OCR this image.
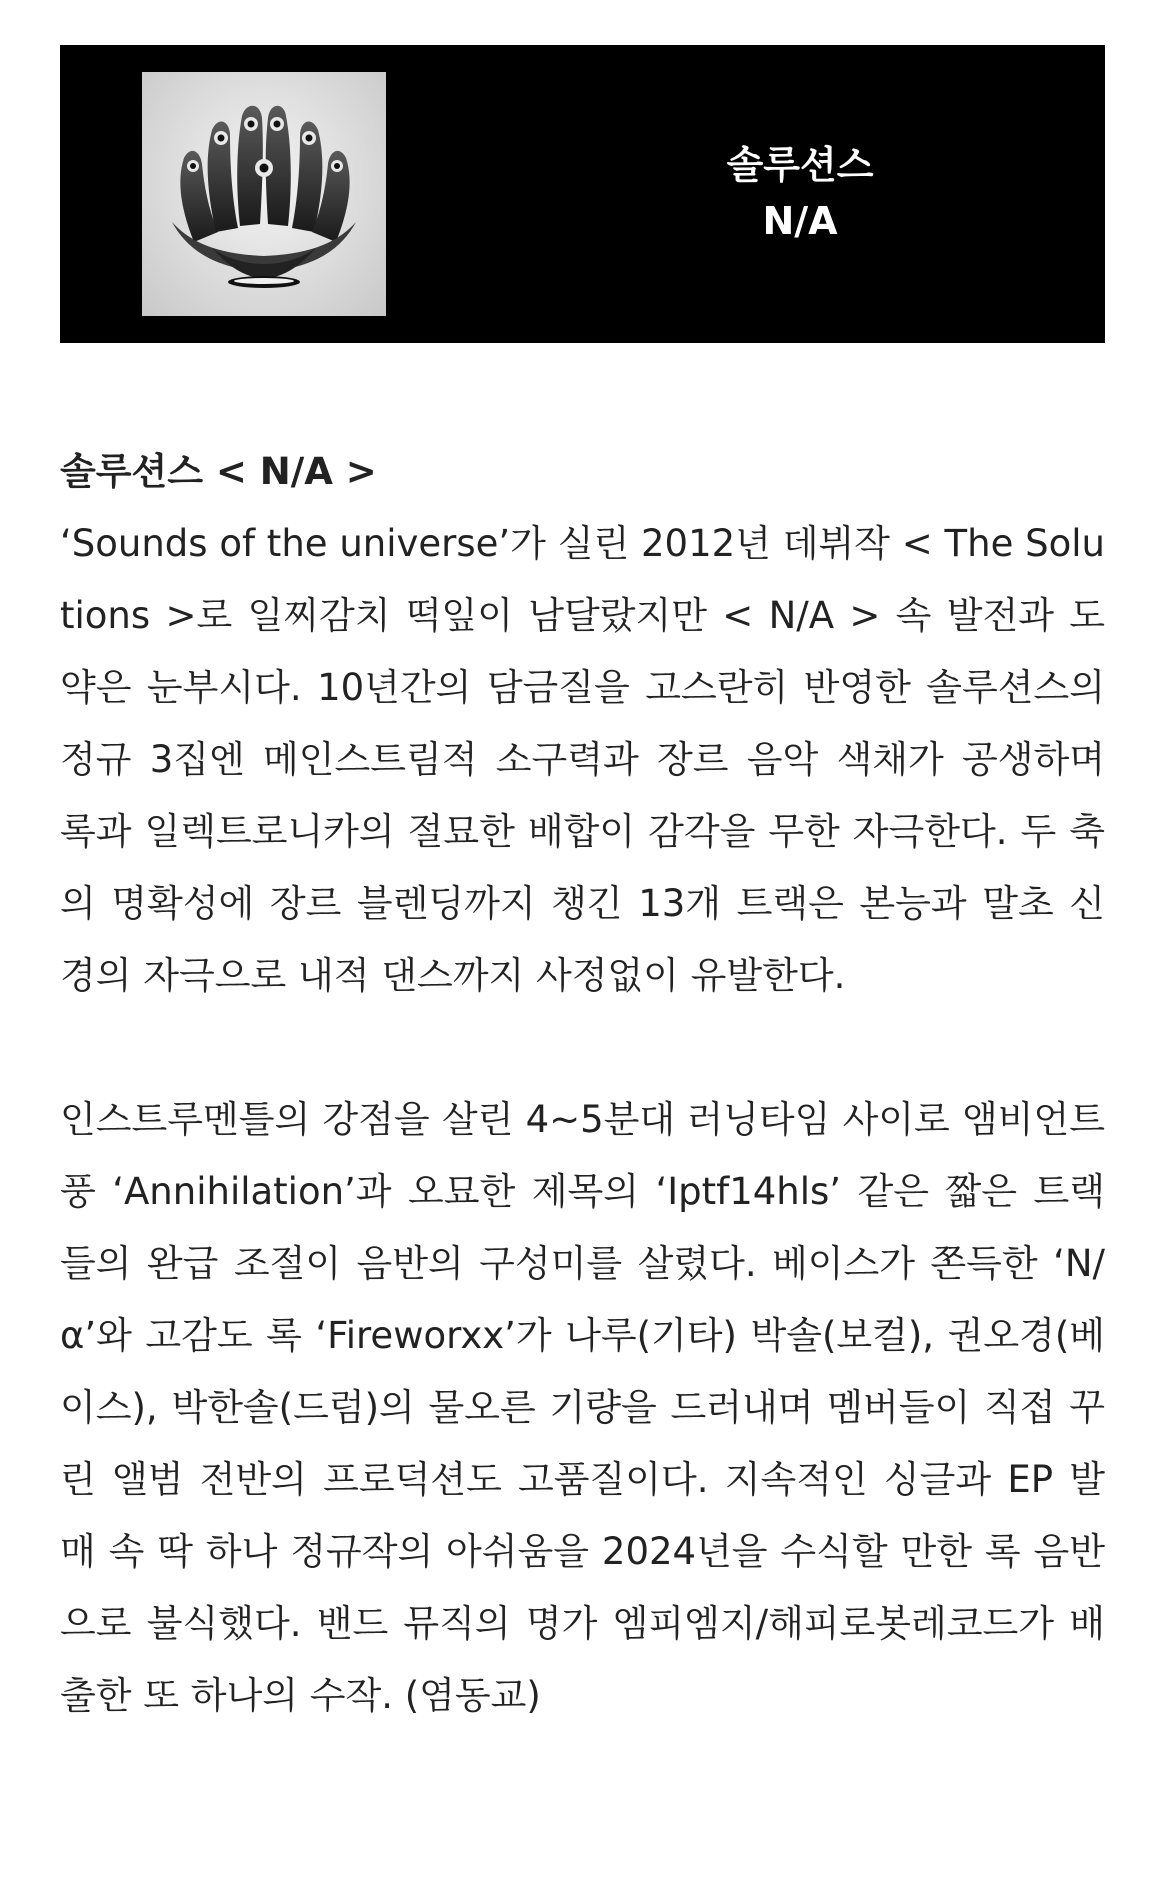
솔루션스
N/A

솔루션스 < N/A >

‘Sounds of the universe’가 실린 2012년 데뷔작 < The Solutions >로 일찌감치 떡잎이 남달랐지만 < N/A > 속 발전과 도약은 눈부시다. 10년간의 담금질을 고스란히 반영한 솔루션스의 정규 3집엔 메인스트림적 소구력과 장르 음악 색채가 공생하며 록과 일렉트로니카의 절묘한 배합이 감각을 무한 자극한다. 두 축의 명확성에 장르 블렌딩까지 챙긴 13개 트랙은 본능과 말초 신경의 자극으로 내적 댄스까지 사정없이 유발한다.

인스트루멘틀의 강점을 살린 4~5분대 러닝타임 사이로 앰비언트 풍 ‘Annihilation’과 오묘한 제목의 ‘Iptf14hls’ 같은 짧은 트랙들의 완급 조절이 음반의 구성미를 살렸다. 베이스가 쫀득한 ‘N/α’와 고감도 록 ‘Fireworxx’가 나루(기타) 박솔(보컬), 권오경(베이스), 박한솔(드럼)의 물오른 기량을 드러내며 멤버들이 직접 꾸린 앨범 전반의 프로덕션도 고품질이다. 지속적인 싱글과 EP 발매 속 딱 하나 정규작의 아쉬움을 2024년을 수식할 만한 록 음반으로 불식했다. 밴드 뮤직의 명가 엠피엠지/해피로봇레코드가 배출한 또 하나의 수작. (염동교)
